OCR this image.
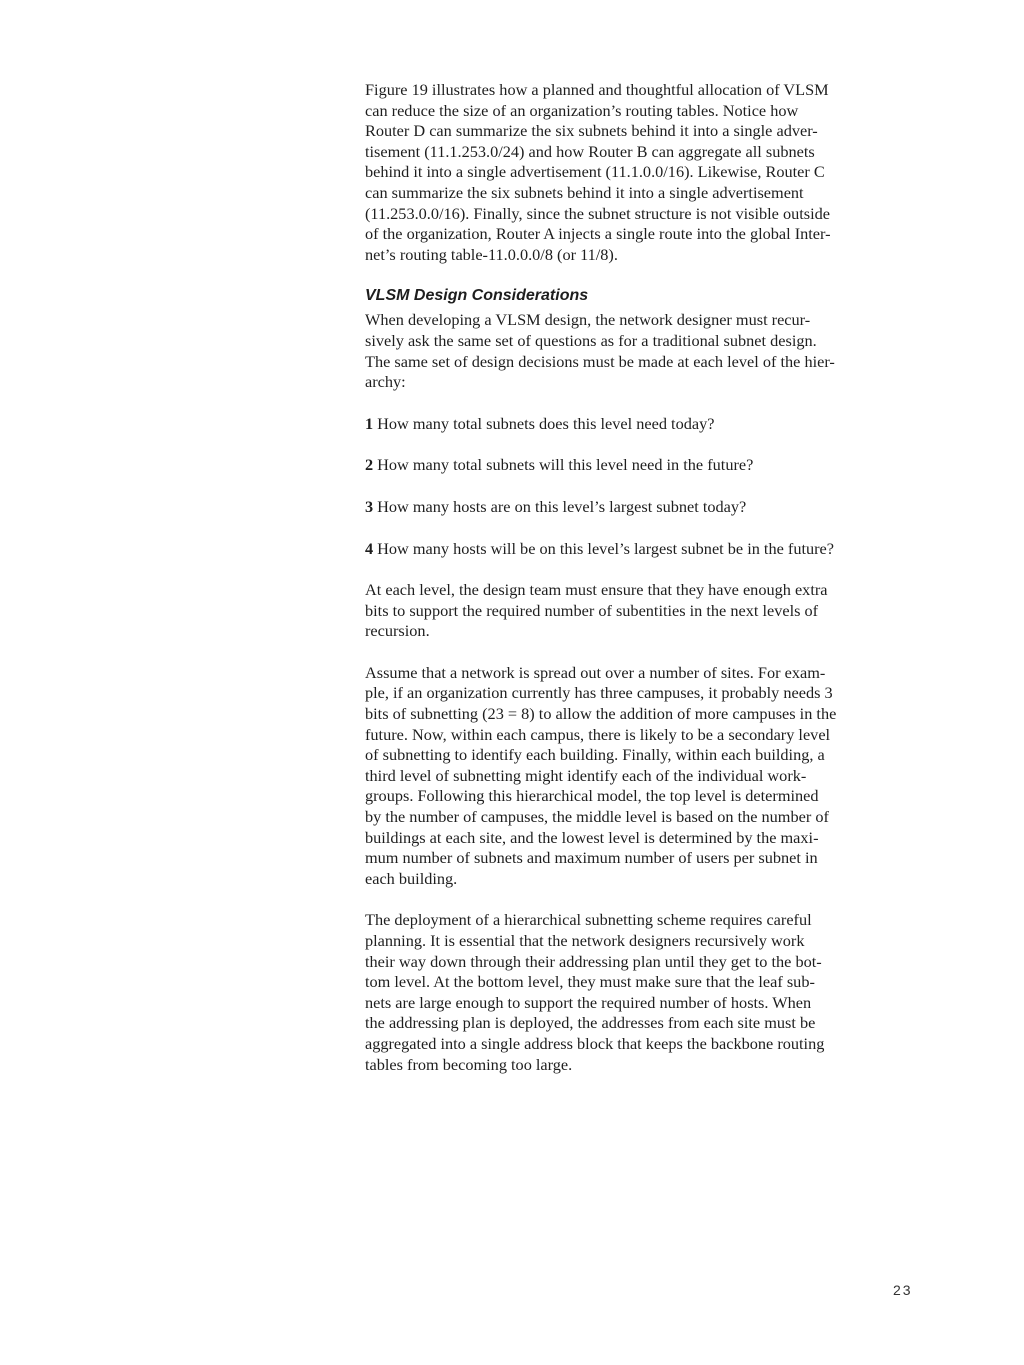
Figure 19 illustrates how a planned and thoughtful allocation of VLSM
can reduce the size of an organization’s routing tables. Notice how
Router D can summarize the six subnets behind it into a single adver-
tisement (11.1.253.0/24) and how Router B can aggregate all subnets
behind it into a single advertisement (11.1.0.0/16). Likewise, Router C
can summarize the six subnets behind it into a single advertisement
(11.253.0.0/16). Finally, since the subnet structure is not visible outside
of the organization, Router A injects a single route into the global Inter-
net’s routing table-11.0.0.0/8 (or 11/8).

VLSM Design Considerations

When developing a VLSM design, the network designer must recur-
sively ask the same set of questions as for a traditional subnet design.
The same set of design decisions must be made at each level of the hier-
archy:

1 How many total subnets does this level need today?
2 How many total subnets will this level need in the future?
3 How many hosts are on this level’s largest subnet today?
4 How many hosts will be on this level’s largest subnet be in the future?

At each level, the design team must ensure that they have enough extra
bits to support the required number of subentities in the next levels of
recursion.

Assume that a network is spread out over a number of sites. For exam-
ple, if an organization currently has three campuses, it probably needs 3
bits of subnetting (23 = 8) to allow the addition of more campuses in the
future. Now, within each campus, there is likely to be a secondary level
of subnetting to identify each building. Finally, within each building, a
third level of subnetting might identify each of the individual work-
groups. Following this hierarchical model, the top level is determined
by the number of campuses, the middle level is based on the number of
buildings at each site, and the lowest level is determined by the maxi-
mum number of subnets and maximum number of users per subnet in
each building.

The deployment of a hierarchical subnetting scheme requires careful
planning. It is essential that the network designers recursively work
their way down through their addressing plan until they get to the bot-
tom level. At the bottom level, they must make sure that the leaf sub-
nets are large enough to support the required number of hosts. When
the addressing plan is deployed, the addresses from each site must be
aggregated into a single address block that keeps the backbone routing
tables from becoming too large.

23
